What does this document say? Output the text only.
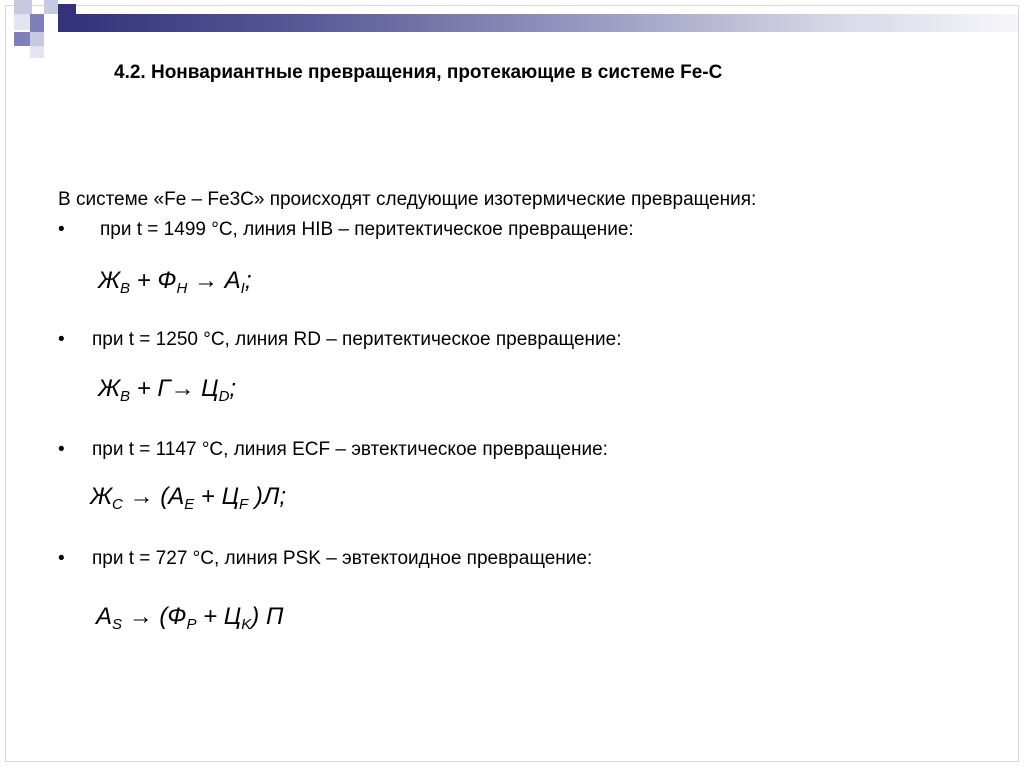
4.2. Нонвариантные превращения, протекающие в системе Fe-C
В системе «Fe – Fe3C» происходят следующие изотермические превращения:
• при t = 1499 °С, линия HIB – перитектическое превращение:
$Ж_B + Ф_H \to А_I$;
• при t = 1250 °С, линия RD – перитектическое превращение:
$Ж_B + Г\to Ц_D$;
• при t = 1147 °С, линия ECF – эвтектическое превращение:
$Ж_C \to (А_E + Ц_F$ )Л;
• при t = 727 °С, линия PSK – эвтектоидное превращение:
$А_S \to (Ф_P + Ц_K)$ П
